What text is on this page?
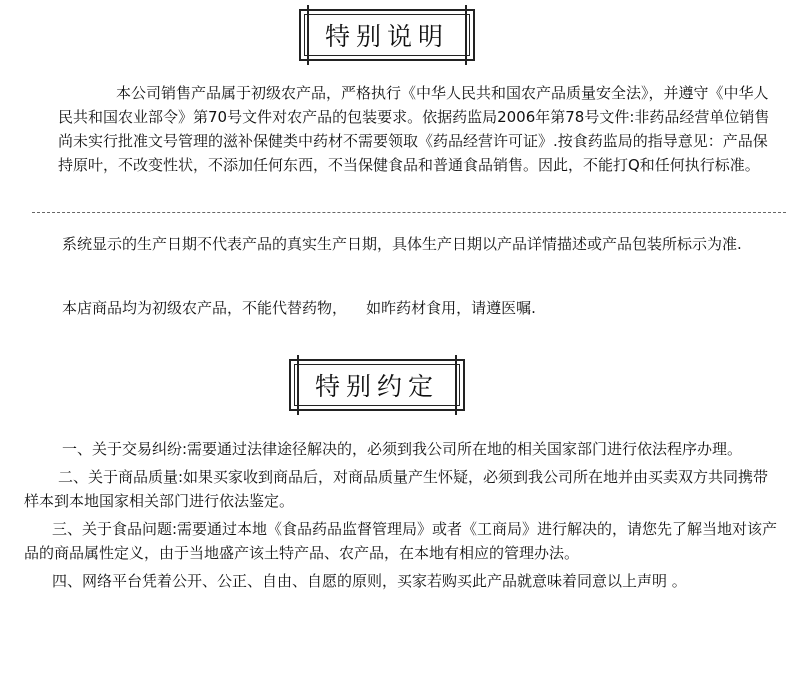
特别说明

本公司销售产品属于初级农产品，严格执行《中华人民共和国农产品质量安全法》，并遵守《中华人民共和国农业部令》第70号文件对农产品的包装要求。依据药监局2006年第78号文件:非药品经营单位销售尚未实行批准文号管理的滋补保健类中药材不需要领取《药品经营许可证》.按食药监局的指导意见：产品保持原叶，不改变性状，不添加任何东西，不当保健食品和普通食品销售。因此，不能打Q和任何执行标准。

系统显示的生产日期不代表产品的真实生产日期，具体生产日期以产品详情描述或产品包装所标示为准.

本店商品均为初级农产品，不能代替药物，    如昨药材食用，请遵医嘱.

特别约定

一、关于交易纠纷:需要通过法律途径解决的，必须到我公司所在地的相关国家部门进行依法程序办理。

二、关于商品质量:如果买家收到商品后，对商品质量产生怀疑，必须到我公司所在地并由买卖双方共同携带样本到本地国家相关部门进行依法鉴定。

三、关于食品问题:需要通过本地《食品药品监督管理局》或者《工商局》进行解决的，请您先了解当地对该产品的商品属性定义，由于当地盛产该土特产品、农产品，在本地有相应的管理办法。

四、网络平台凭着公开、公正、自由、自愿的原则，买家若购买此产品就意味着同意以上声明 。
